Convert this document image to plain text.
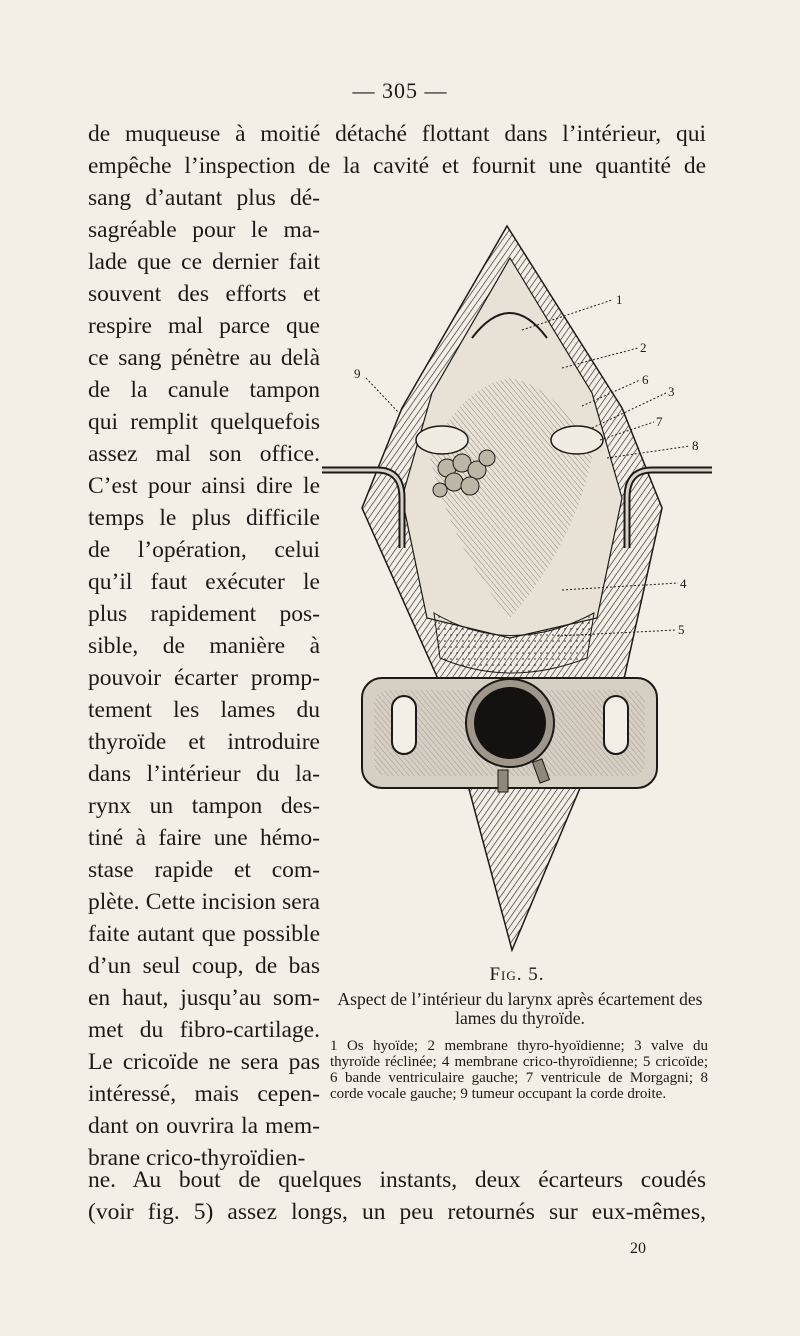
— 305 —
de muqueuse à moitié détaché flottant dans l’intérieur, qui
empêche l’inspection de la cavité et fournit une quantité de
sang d’autant plus dé-
sagréable pour le ma-
lade que ce dernier fait
souvent des efforts et
respire mal parce que
ce sang pénètre au delà
de la canule tampon
qui remplit quelquefois
assez mal son office.
C’est pour ainsi dire le
temps le plus difficile
de l’opération, celui
qu’il faut exécuter le
plus rapidement pos-
sible, de manière à
pouvoir écarter promp-
tement les lames du
thyroïde et introduire
dans l’intérieur du la-
rynx un tampon des-
tiné à faire une hémo-
stase rapide et com-
plète. Cette incision sera
faite autant que possible
d’un seul coup, de bas
en haut, jusqu’au som-
met du fibro-cartilage.
Le cricoïde ne sera pas
intéressé, mais cepen-
dant on ouvrira la mem-
brane crico-thyroïdien-
1
2
6
3
7
8
9
4
5
Fig. 5.
Aspect de l’intérieur du larynx après écartement des lames du thyroïde.
1 Os hyoïde; 2 membrane thyro-hyoïdienne; 3 valve du thyroïde réclinée; 4 membrane crico-thyroïdienne; 5 cricoïde; 6 bande ventriculaire gauche; 7 ventricule de Morgagni; 8 corde vocale gauche; 9 tumeur occupant la corde droite.
ne. Au bout de quelques instants, deux écarteurs coudés
(voir fig. 5) assez longs, un peu retournés sur eux-mêmes,
20
